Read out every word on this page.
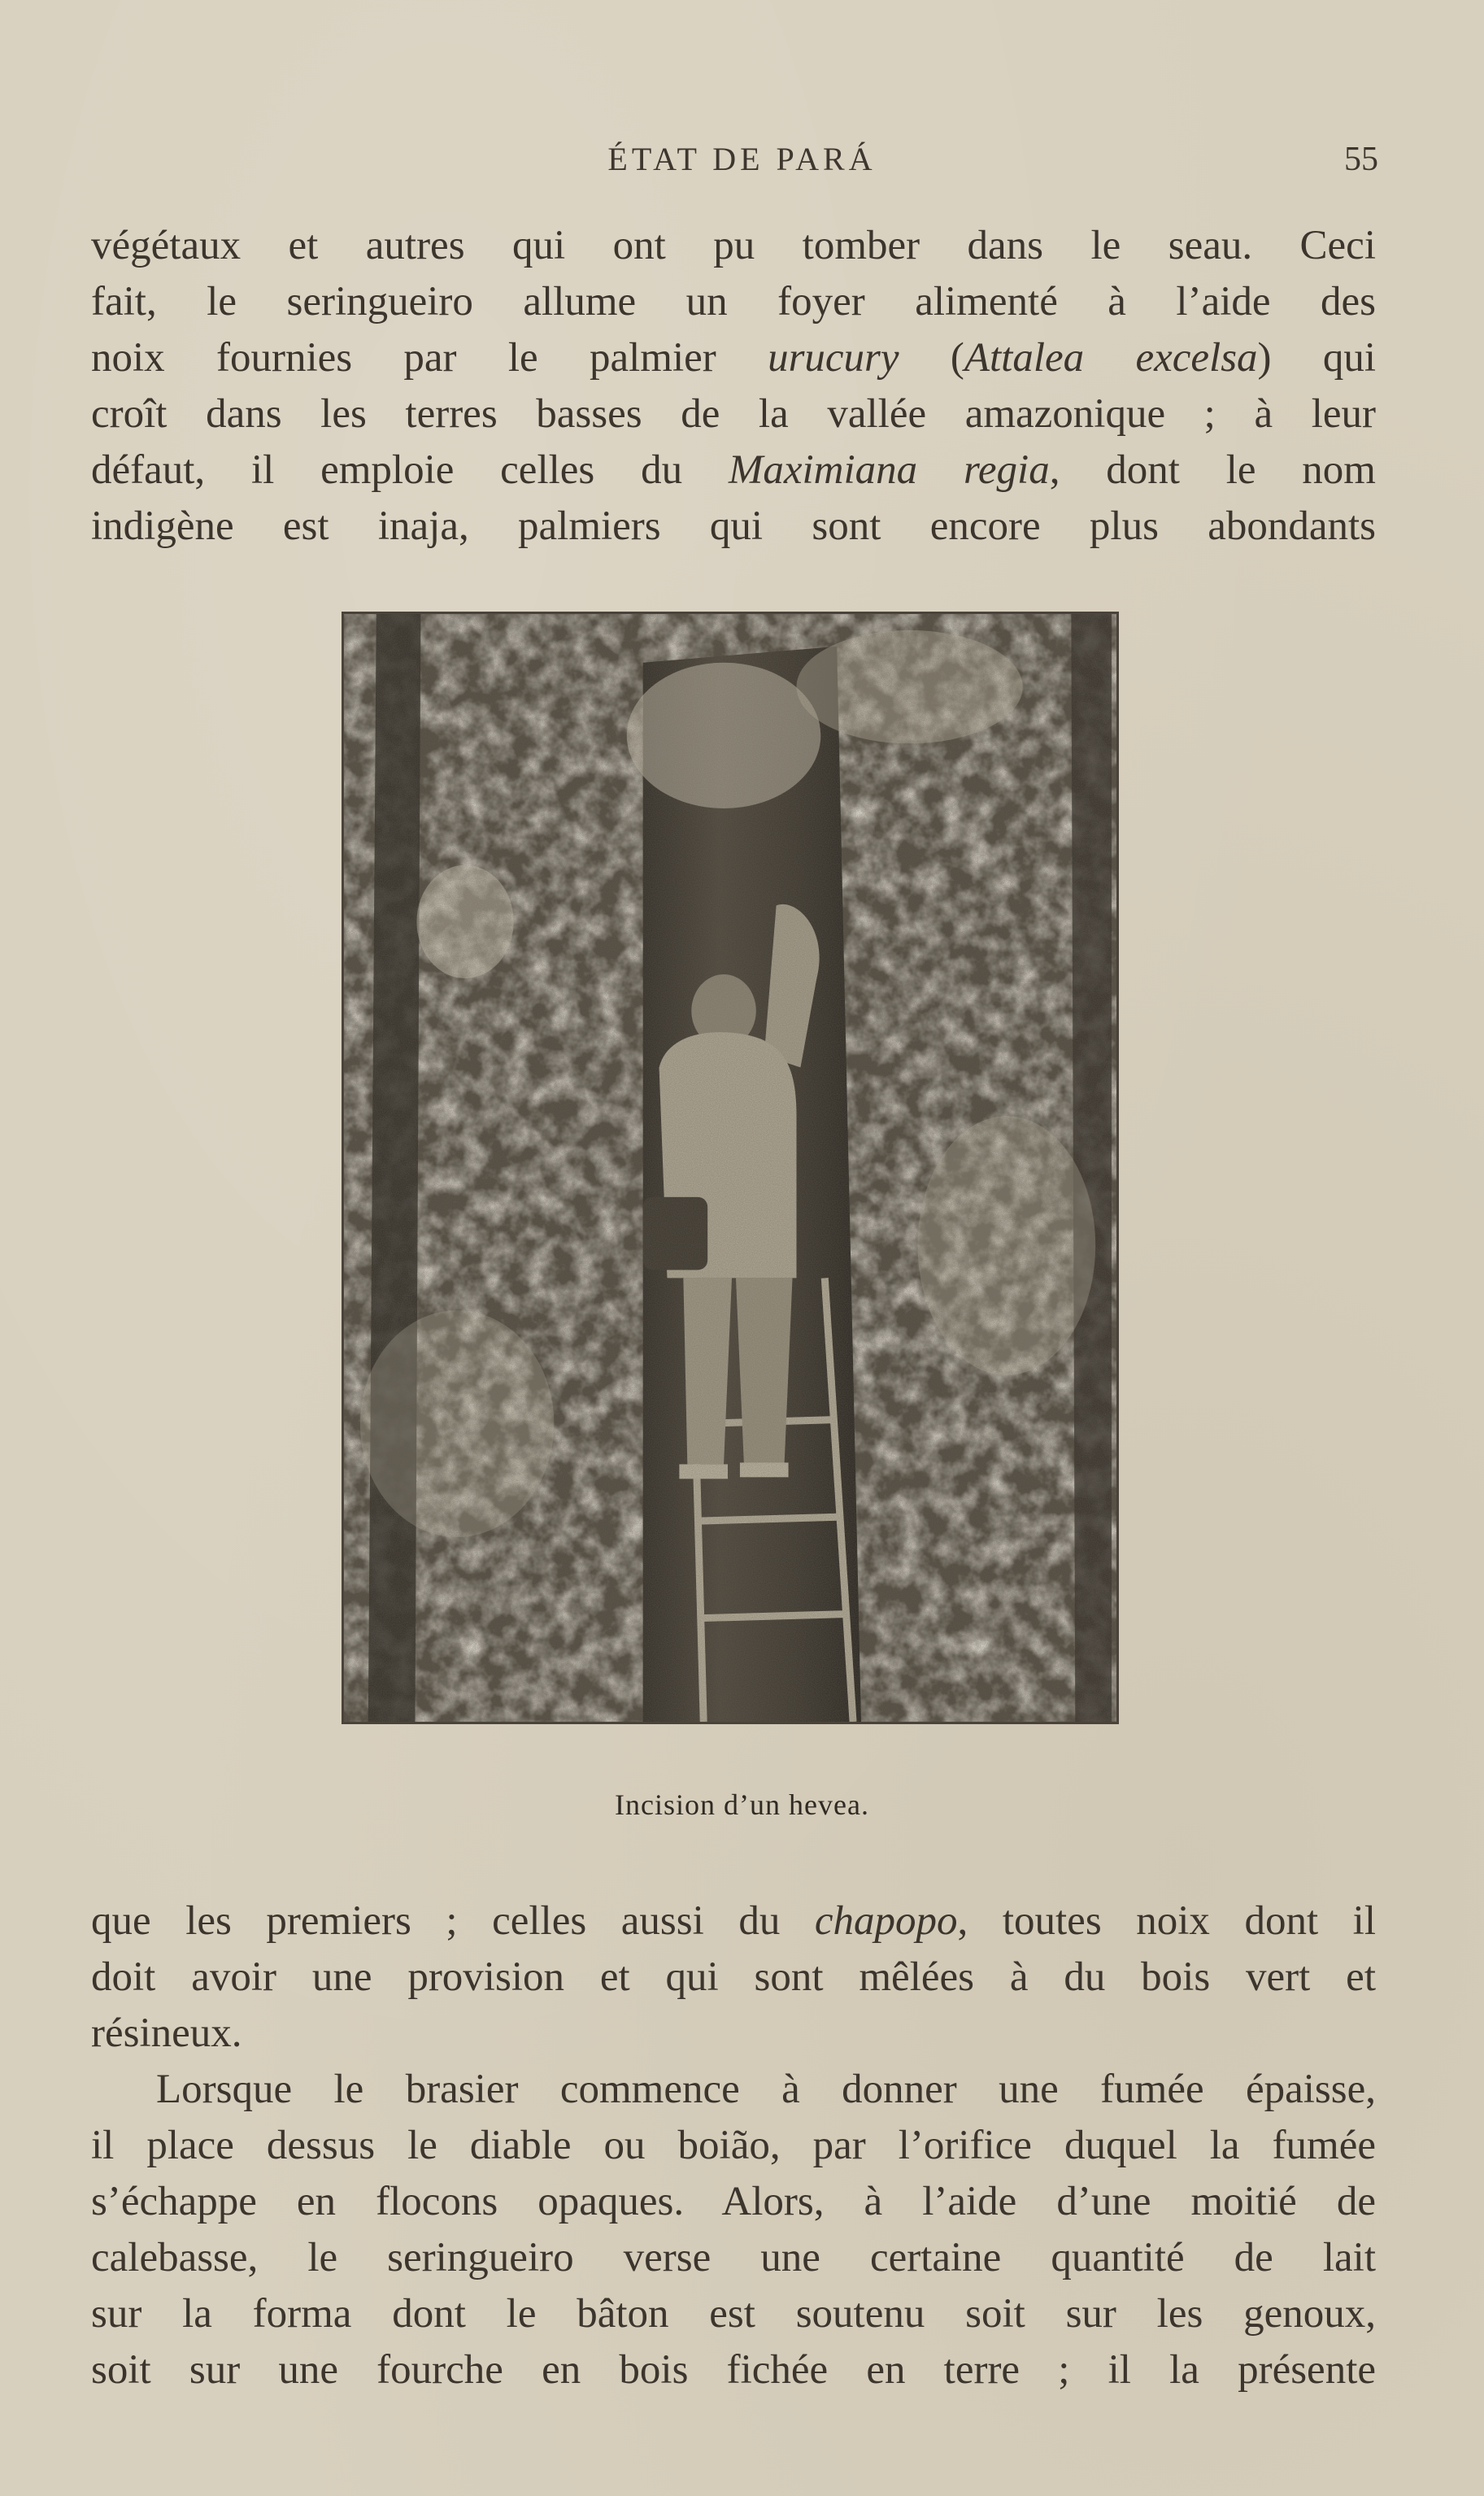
ÉTAT DE PARÁ	55
végétaux et autres qui ont pu tomber dans le seau. Ceci
fait, le seringueiro allume un foyer alimenté à l’aide des
noix fournies par le palmier urucury (Attalea excelsa) qui
croît dans les terres basses de la vallée amazonique ; à leur
défaut, il emploie celles du Maximiana regia, dont le nom
indigène est inaja, palmiers qui sont encore plus abondants
Incision d’un hevea.
que les premiers ; celles aussi du chapopo, toutes noix dont il
doit avoir une provision et qui sont mêlées à du bois vert et
résineux.
Lorsque le brasier commence à donner une fumée épaisse,
il place dessus le diable ou boião, par l’orifice duquel la fumée
s’échappe en flocons opaques. Alors, à l’aide d’une moitié de
calebasse, le seringueiro verse une certaine quantité de lait
sur la forma dont le bâton est soutenu soit sur les genoux,
soit sur une fourche en bois fichée en terre ; il la présente
